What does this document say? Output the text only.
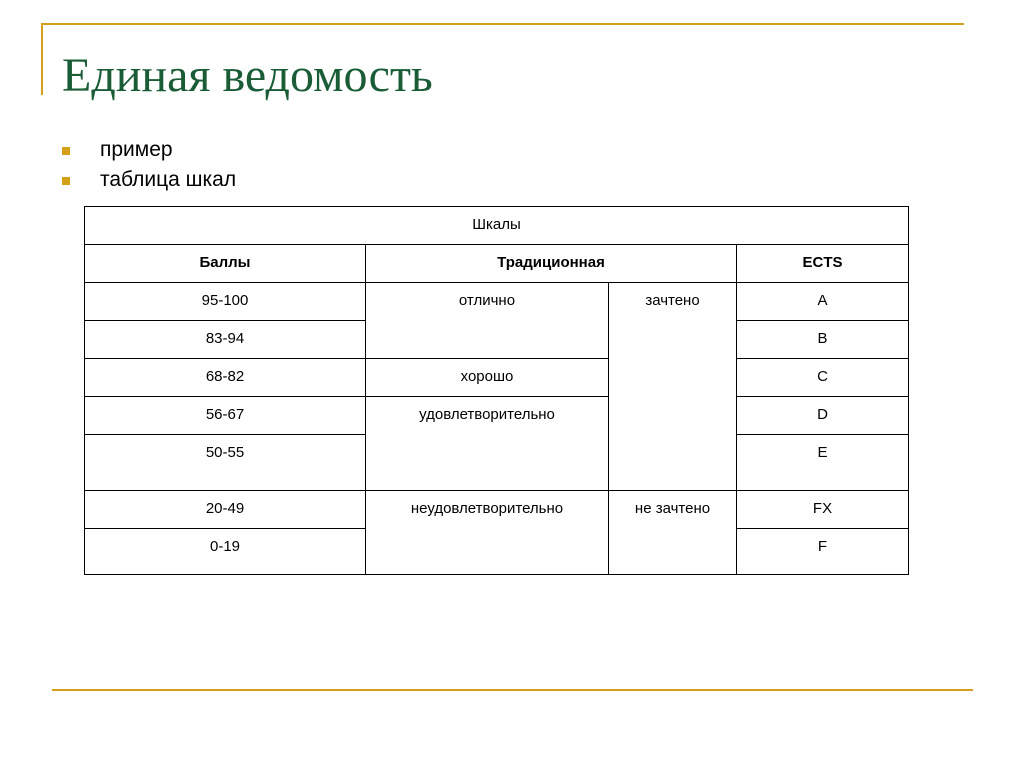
Единая ведомость
пример
таблица шкал
Шкалы			
Баллы	Традиционная		ECTS
95-100	отлично	зачтено	A
83-94			B
68-82	хорошо		C
56-67	удовлетворительно		D
50-55			E
20-49	неудовлетворительно	не зачтено	FX
0-19			F
